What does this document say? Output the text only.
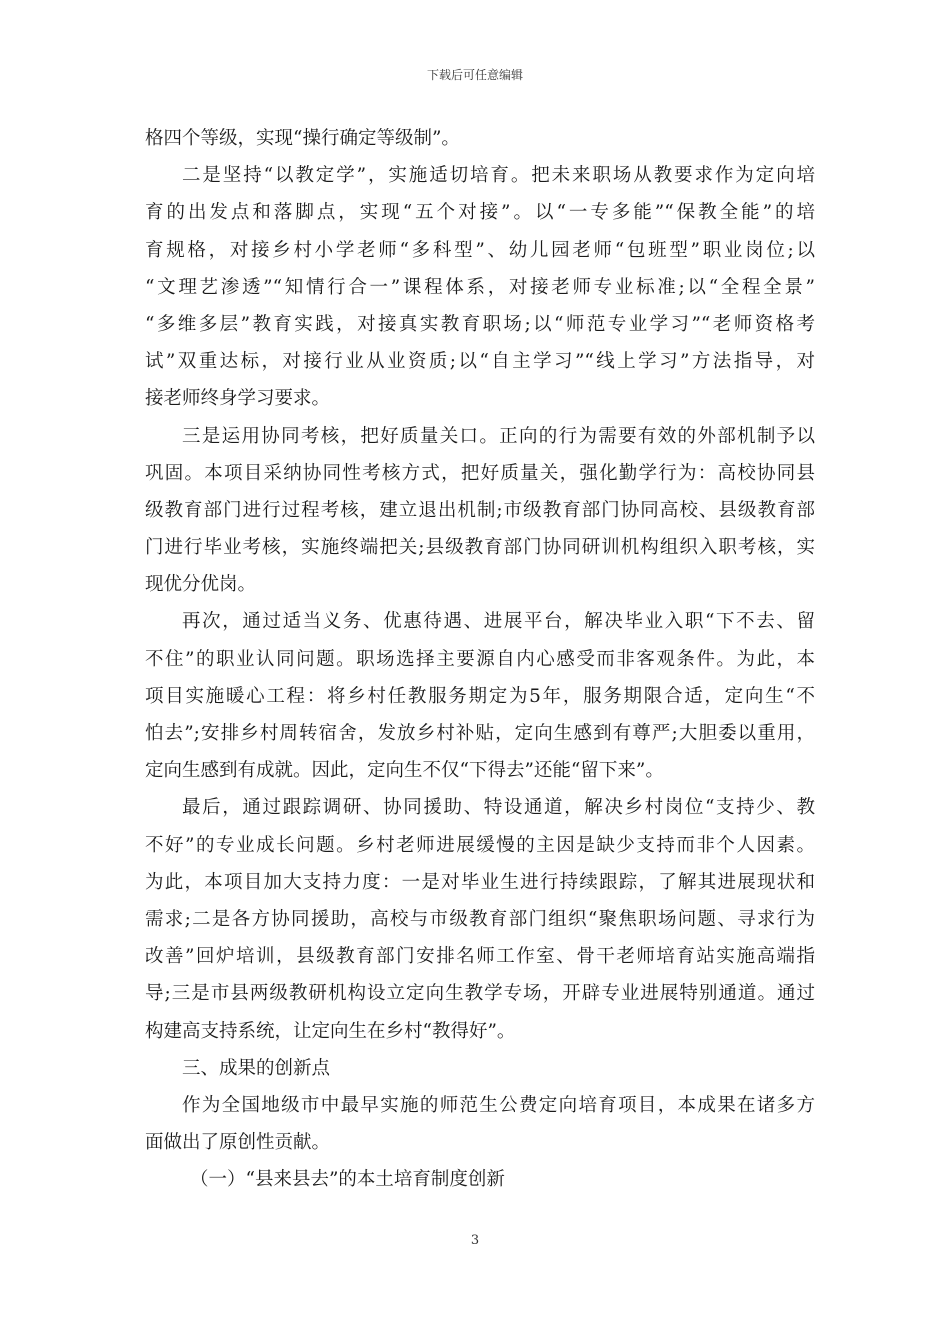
下载后可任意编辑
格四个等级，实现“操行确定等级制”。
二是坚持“以教定学”，实施适切培育。把未来职场从教要求作为定向培
育的出发点和落脚点，实现“五个对接”。以“一专多能”“保教全能”的培
育规格，对接乡村小学老师“多科型”、幼儿园老师“包班型”职业岗位;以
“文理艺渗透”“知情行合一”课程体系，对接老师专业标准;以“全程全景”
“多维多层”教育实践，对接真实教育职场;以“师范专业学习”“老师资格考
试”双重达标，对接行业从业资质;以“自主学习”“线上学习”方法指导，对
接老师终身学习要求。
三是运用协同考核，把好质量关口。正向的行为需要有效的外部机制予以
巩固。本项目采纳协同性考核方式，把好质量关，强化勤学行为：高校协同县
级教育部门进行过程考核，建立退出机制;市级教育部门协同高校、县级教育部
门进行毕业考核，实施终端把关;县级教育部门协同研训机构组织入职考核，实
现优分优岗。
再次，通过适当义务、优惠待遇、进展平台，解决毕业入职“下不去、留
不住”的职业认同问题。职场选择主要源自内心感受而非客观条件。为此，本
项目实施暖心工程：将乡村任教服务期定为5年，服务期限合适，定向生“不
怕去”;安排乡村周转宿舍，发放乡村补贴，定向生感到有尊严;大胆委以重用，
定向生感到有成就。因此，定向生不仅“下得去”还能“留下来”。
最后，通过跟踪调研、协同援助、特设通道，解决乡村岗位“支持少、教
不好”的专业成长问题。乡村老师进展缓慢的主因是缺少支持而非个人因素。
为此，本项目加大支持力度：一是对毕业生进行持续跟踪，了解其进展现状和
需求;二是各方协同援助，高校与市级教育部门组织“聚焦职场问题、寻求行为
改善”回炉培训，县级教育部门安排名师工作室、骨干老师培育站实施高端指
导;三是市县两级教研机构设立定向生教学专场，开辟专业进展特别通道。通过
构建高支持系统，让定向生在乡村“教得好”。
三、成果的创新点
作为全国地级市中最早实施的师范生公费定向培育项目，本成果在诸多方
面做出了原创性贡献。
（一）“县来县去”的本土培育制度创新
3
